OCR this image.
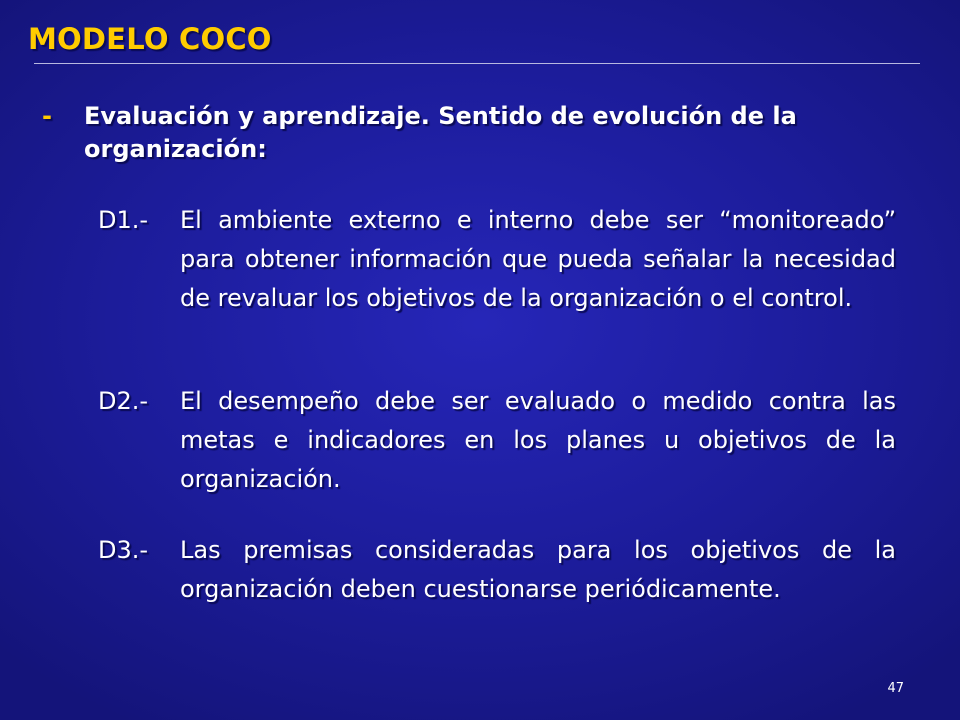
MODELO COCO
-	Evaluación y aprendizaje. Sentido de evolución de la organización:
D1.- El ambiente externo e interno debe ser “monitoreado” para obtener información que pueda señalar la necesidad de revaluar los objetivos de la organización o el control.
D2.- El desempeño debe ser evaluado o medido contra las metas e indicadores en los planes u objetivos de la organización.
D3.- Las premisas consideradas para los objetivos de la organización deben cuestionarse periódicamente.
47
